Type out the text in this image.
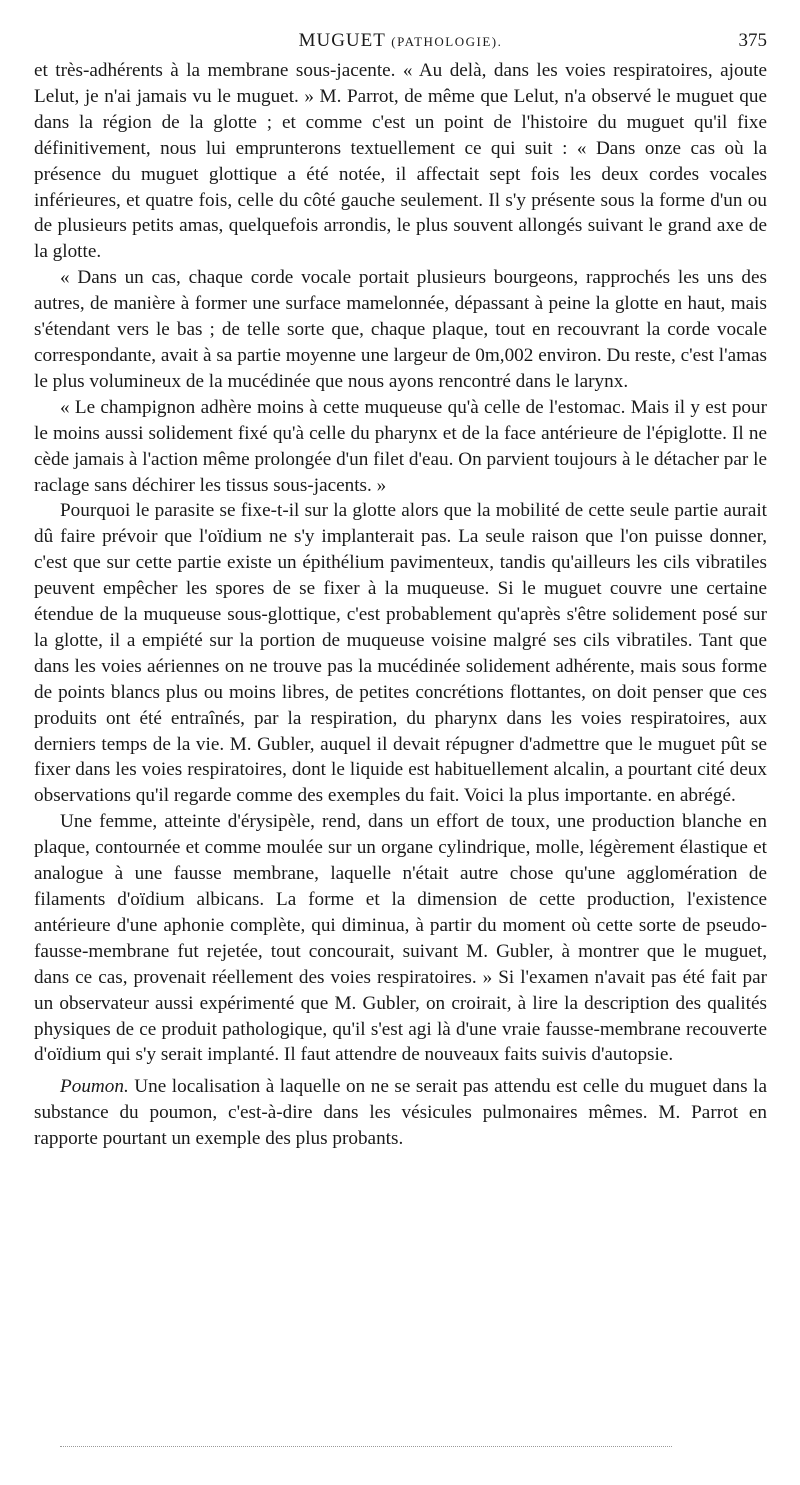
MUGUET (PATHOLOGIE).	375

et très-adhérents à la membrane sous-jacente. « Au delà, dans les voies respiratoires, ajoute Lelut, je n'ai jamais vu le muguet. » M. Parrot, de même que Lelut, n'a observé le muguet que dans la région de la glotte ; et comme c'est un point de l'histoire du muguet qu'il fixe définitivement, nous lui emprunterons textuellement ce qui suit : « Dans onze cas où la présence du muguet glottique a été notée, il affectait sept fois les deux cordes vocales inférieures, et quatre fois, celle du côté gauche seulement. Il s'y présente sous la forme d'un ou de plusieurs petits amas, quelquefois arrondis, le plus souvent allongés suivant le grand axe de la glotte.

« Dans un cas, chaque corde vocale portait plusieurs bourgeons, rapprochés les uns des autres, de manière à former une surface mamelonnée, dépassant à peine la glotte en haut, mais s'étendant vers le bas ; de telle sorte que, chaque plaque, tout en recouvrant la corde vocale correspondante, avait à sa partie moyenne une largeur de 0m,002 environ. Du reste, c'est l'amas le plus volumineux de la mucédinée que nous ayons rencontré dans le larynx.

« Le champignon adhère moins à cette muqueuse qu'à celle de l'estomac. Mais il y est pour le moins aussi solidement fixé qu'à celle du pharynx et de la face antérieure de l'épiglotte. Il ne cède jamais à l'action même prolongée d'un filet d'eau. On parvient toujours à le détacher par le raclage sans déchirer les tissus sous-jacents. »

Pourquoi le parasite se fixe-t-il sur la glotte alors que la mobilité de cette seule partie aurait dû faire prévoir que l'oïdium ne s'y implanterait pas. La seule raison que l'on puisse donner, c'est que sur cette partie existe un épithélium pavimenteux, tandis qu'ailleurs les cils vibratiles peuvent empêcher les spores de se fixer à la muqueuse. Si le muguet couvre une certaine étendue de la muqueuse sous-glottique, c'est probablement qu'après s'être solidement posé sur la glotte, il a empiété sur la portion de muqueuse voisine malgré ses cils vibratiles. Tant que dans les voies aériennes on ne trouve pas la mucédinée solidement adhérente, mais sous forme de points blancs plus ou moins libres, de petites concrétions flottantes, on doit penser que ces produits ont été entraînés, par la respiration, du pharynx dans les voies respiratoires, aux derniers temps de la vie. M. Gubler, auquel il devait répugner d'admettre que le muguet pût se fixer dans les voies respiratoires, dont le liquide est habituellement alcalin, a pourtant cité deux observations qu'il regarde comme des exemples du fait. Voici la plus importante. en abrégé.

Une femme, atteinte d'érysipèle, rend, dans un effort de toux, une production blanche en plaque, contournée et comme moulée sur un organe cylindrique, molle, légèrement élastique et analogue à une fausse membrane, laquelle n'était autre chose qu'une agglomération de filaments d'oïdium albicans. La forme et la dimension de cette production, l'existence antérieure d'une aphonie complète, qui diminua, à partir du moment où cette sorte de pseudo-fausse-membrane fut rejetée, tout concourait, suivant M. Gubler, à montrer que le muguet, dans ce cas, provenait réellement des voies respiratoires. » Si l'examen n'avait pas été fait par un observateur aussi expérimenté que M. Gubler, on croirait, à lire la description des qualités physiques de ce produit pathologique, qu'il s'est agi là d'une vraie fausse-membrane recouverte d'oïdium qui s'y serait implanté. Il faut attendre de nouveaux faits suivis d'autopsie.

Poumon. Une localisation à laquelle on ne se serait pas attendu est celle du muguet dans la substance du poumon, c'est-à-dire dans les vésicules pulmonaires mêmes. M. Parrot en rapporte pourtant un exemple des plus probants.
